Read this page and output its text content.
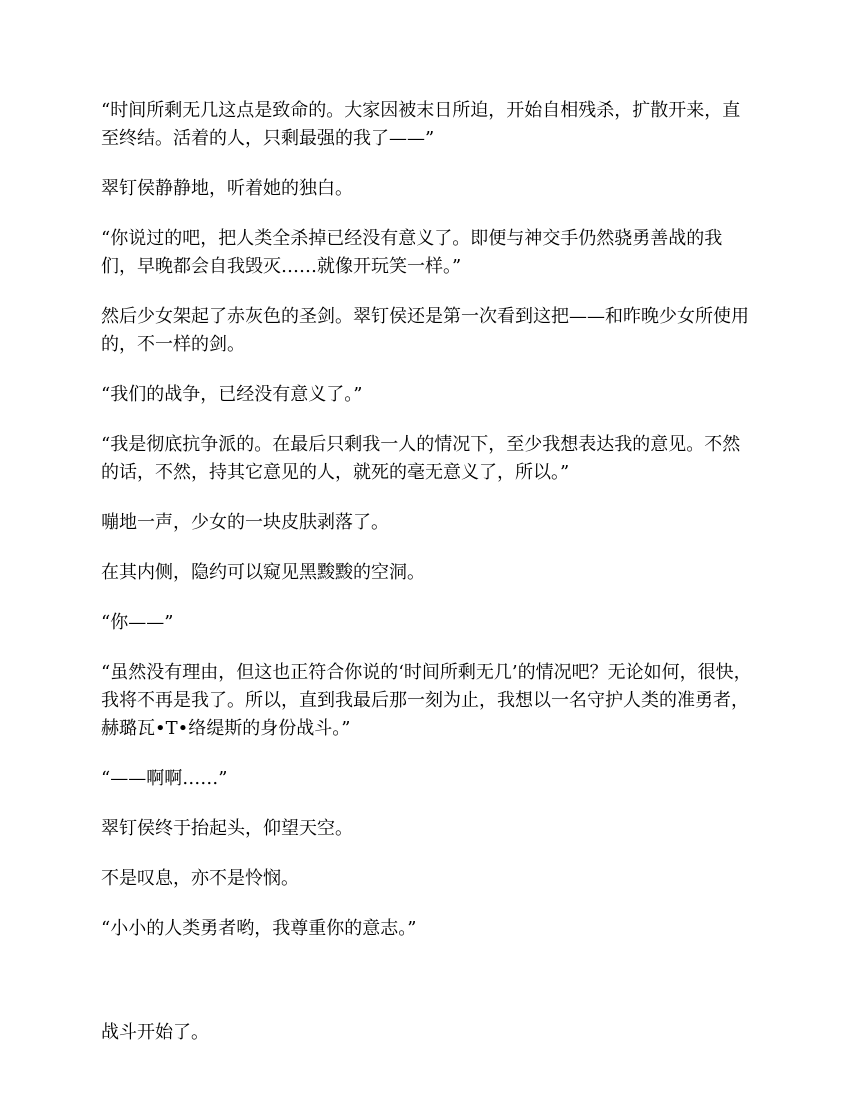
“时间所剩无几这点是致命的。大家因被末日所迫，开始自相残杀，扩散开来，直至终结。活着的人，只剩最强的我了——”

翠钉侯静静地，听着她的独白。

“你说过的吧，把人类全杀掉已经没有意义了。即便与神交手仍然骁勇善战的我们，早晚都会自我毁灭……就像开玩笑一样。”

然后少女架起了赤灰色的圣剑。翠钉侯还是第一次看到这把——和昨晚少女所使用的，不一样的剑。

“我们的战争，已经没有意义了。”

“我是彻底抗争派的。在最后只剩我一人的情况下，至少我想表达我的意见。不然的话，不然，持其它意见的人，就死的毫无意义了，所以。”

嘣地一声，少女的一块皮肤剥落了。

在其内侧，隐约可以窥见黑黢黢的空洞。

“你——”

“虽然没有理由，但这也正符合你说的‘时间所剩无几’的情况吧？无论如何，很快，我将不再是我了。所以，直到我最后那一刻为止，我想以一名守护人类的准勇者，赫璐瓦•T•络缇斯的身份战斗。”

“——啊啊……”

翠钉侯终于抬起头，仰望天空。

不是叹息，亦不是怜悯。

“小小的人类勇者哟，我尊重你的意志。”

战斗开始了。
